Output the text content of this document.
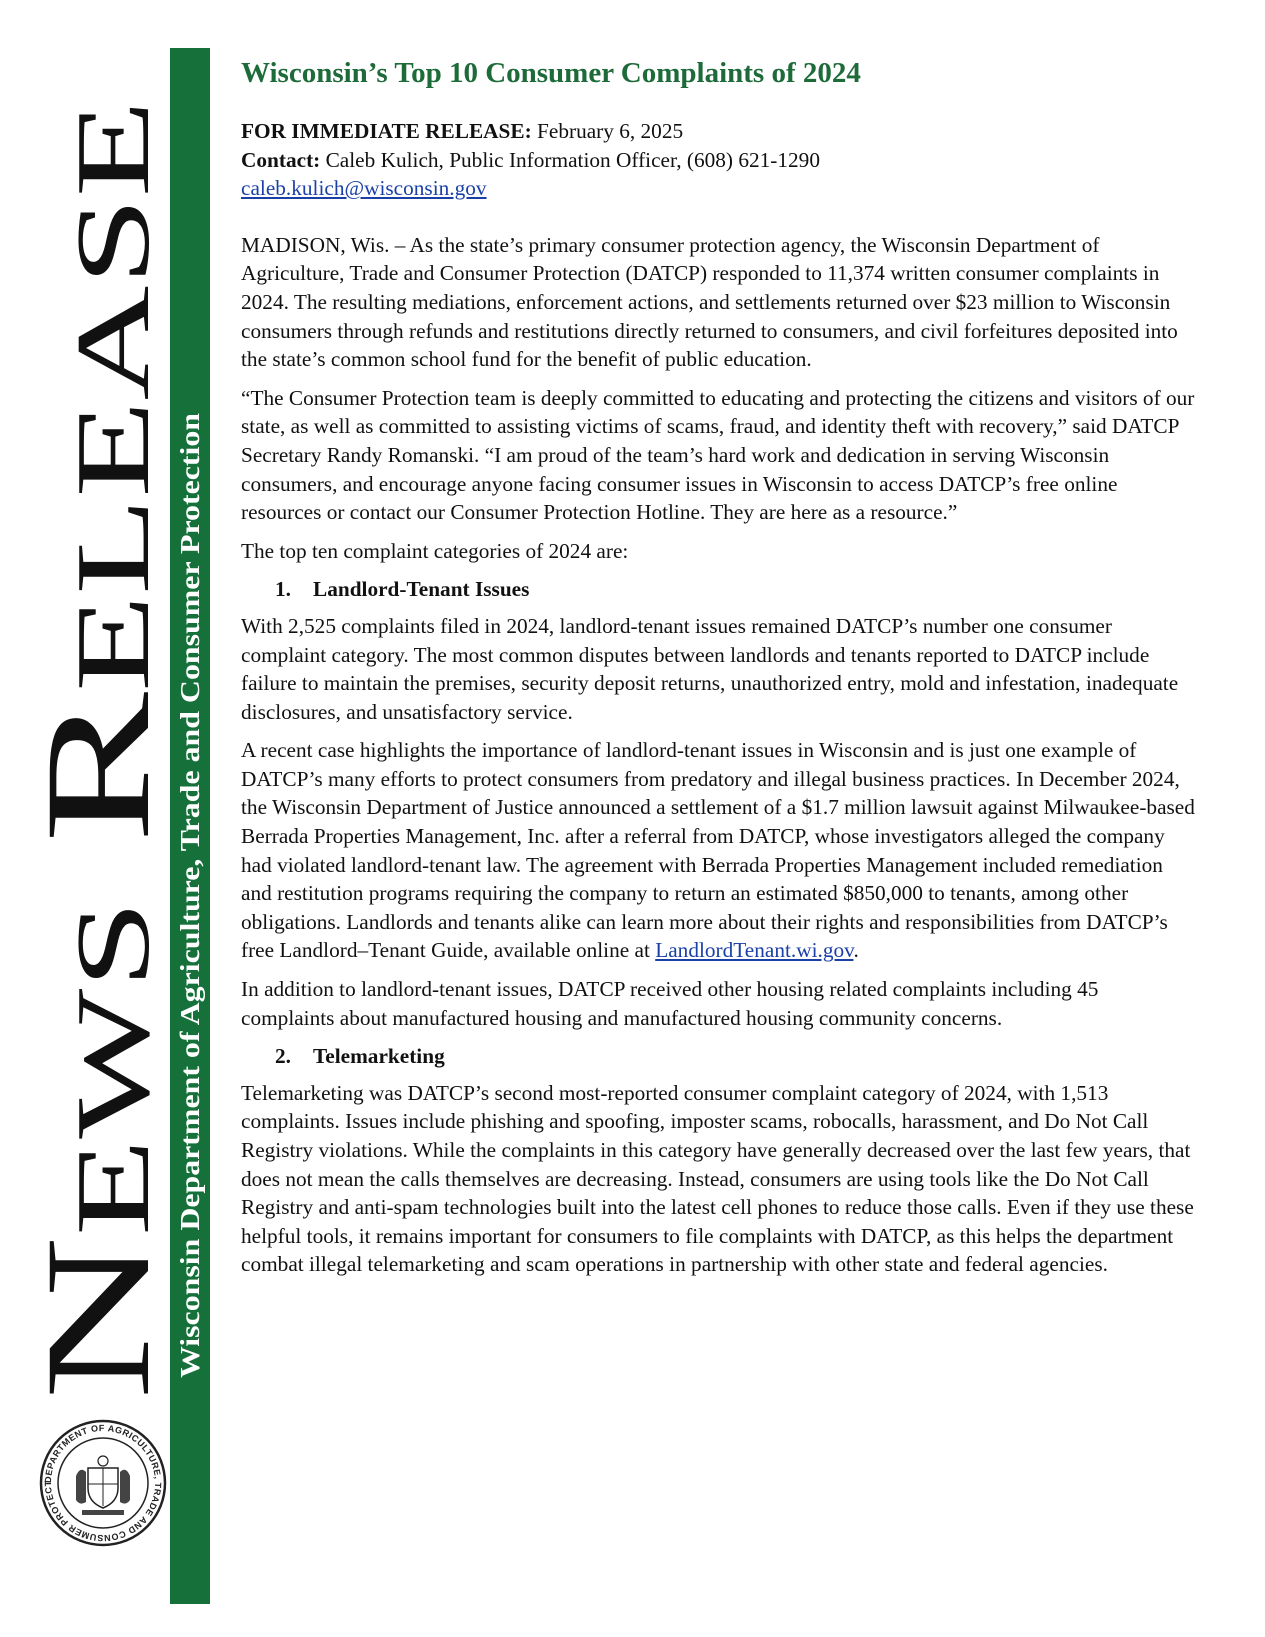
News Release
Wisconsin Department of Agriculture, Trade and Consumer Protection
datcp.wi.gov
DEPARTMENT OF AGRICULTURE, TRADE AND CONSUMER PROTECT
Wisconsin’s Top 10 Consumer Complaints of 2024
FOR IMMEDIATE RELEASE: February 6, 2025
Contact: Caleb Kulich, Public Information Officer, (608) 621-1290
caleb.kulich@wisconsin.gov

MADISON, Wis. – As the state’s primary consumer protection agency, the Wisconsin Department of Agriculture, Trade and Consumer Protection (DATCP) responded to 11,374 written consumer complaints in 2024. The resulting mediations, enforcement actions, and settlements returned over $23 million to Wisconsin consumers through refunds and restitutions directly returned to consumers, and civil forfeitures deposited into the state’s common school fund for the benefit of public education.

“The Consumer Protection team is deeply committed to educating and protecting the citizens and visitors of our state, as well as committed to assisting victims of scams, fraud, and identity theft with recovery,” said DATCP Secretary Randy Romanski. “I am proud of the team’s hard work and dedication in serving Wisconsin consumers, and encourage anyone facing consumer issues in Wisconsin to access DATCP’s free online resources or contact our Consumer Protection Hotline. They are here as a resource.”

The top ten complaint categories of 2024 are:

1. Landlord-Tenant Issues

With 2,525 complaints filed in 2024, landlord-tenant issues remained DATCP’s number one consumer complaint category. The most common disputes between landlords and tenants reported to DATCP include failure to maintain the premises, security deposit returns, unauthorized entry, mold and infestation, inadequate disclosures, and unsatisfactory service.

A recent case highlights the importance of landlord-tenant issues in Wisconsin and is just one example of DATCP’s many efforts to protect consumers from predatory and illegal business practices. In December 2024, the Wisconsin Department of Justice announced a settlement of a $1.7 million lawsuit against Milwaukee-based Berrada Properties Management, Inc. after a referral from DATCP, whose investigators alleged the company had violated landlord-tenant law. The agreement with Berrada Properties Management included remediation and restitution programs requiring the company to return an estimated $850,000 to tenants, among other obligations. Landlords and tenants alike can learn more about their rights and responsibilities from DATCP’s free Landlord–Tenant Guide, available online at LandlordTenant.wi.gov.

In addition to landlord-tenant issues, DATCP received other housing related complaints including 45 complaints about manufactured housing and manufactured housing community concerns.

2. Telemarketing

Telemarketing was DATCP’s second most-reported consumer complaint category of 2024, with 1,513 complaints. Issues include phishing and spoofing, imposter scams, robocalls, harassment, and Do Not Call Registry violations. While the complaints in this category have generally decreased over the last few years, that does not mean the calls themselves are decreasing. Instead, consumers are using tools like the Do Not Call Registry and anti-spam technologies built into the latest cell phones to reduce those calls. Even if they use these helpful tools, it remains important for consumers to file complaints with DATCP, as this helps the department combat illegal telemarketing and scam operations in partnership with other state and federal agencies.
